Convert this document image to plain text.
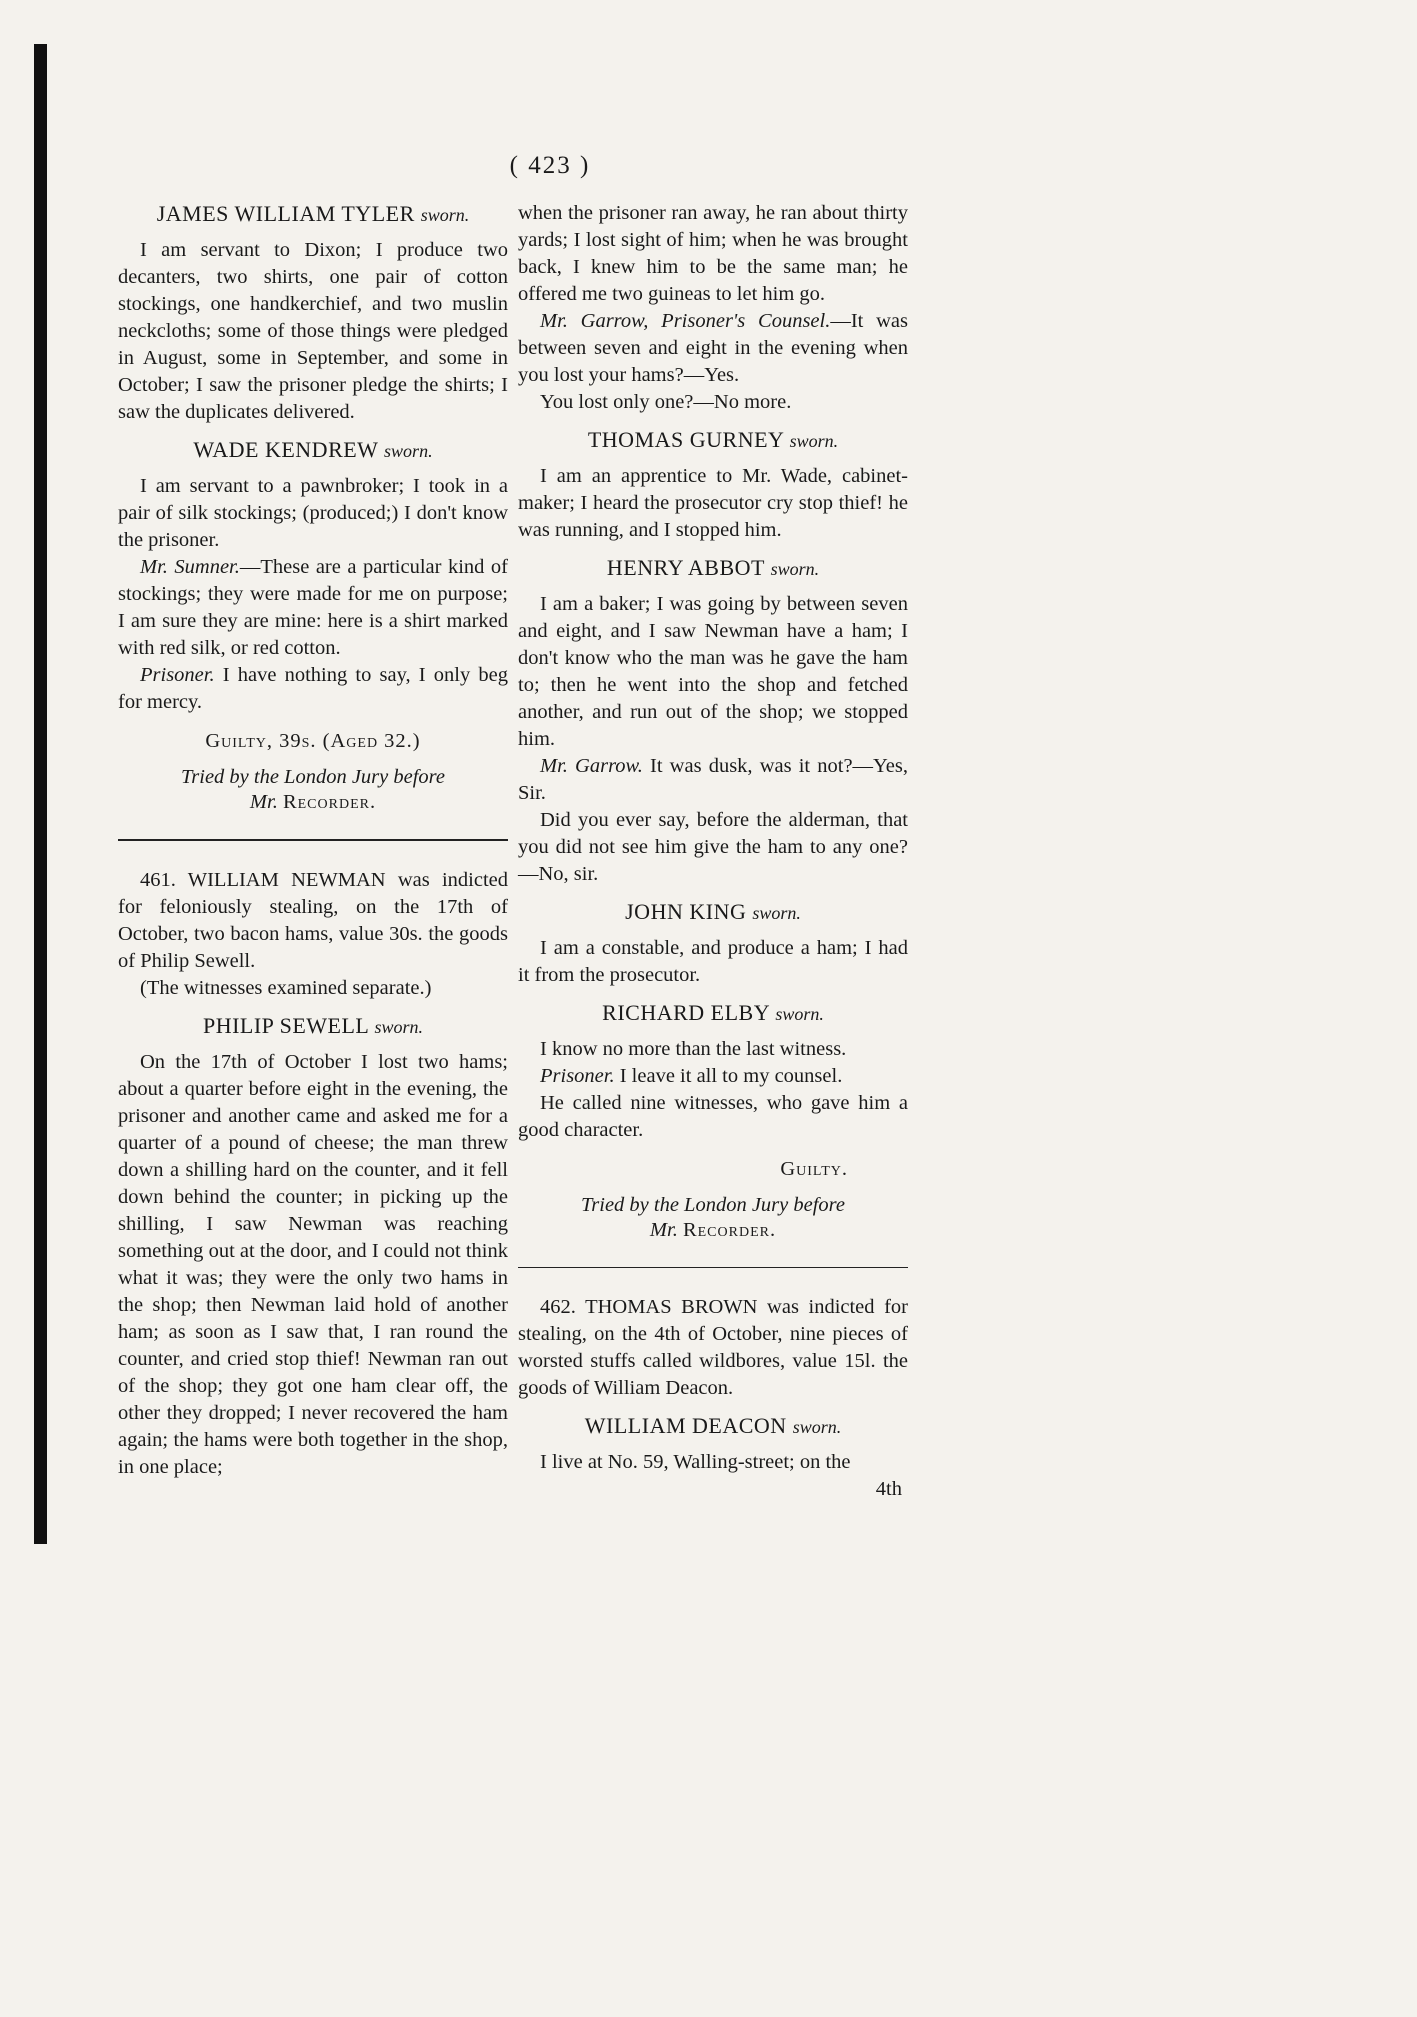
( 423 )
JAMES WILLIAM TYLER sworn.

I am servant to Dixon; I produce two decanters, two shirts, one pair of cotton stockings, one handkerchief, and two muslin neckcloths; some of those things were pledged in August, some in September, and some in October; I saw the prisoner pledge the shirts; I saw the duplicates delivered.

WADE KENDREW sworn.

I am servant to a pawnbroker; I took in a pair of silk stockings; (produced;) I don't know the prisoner.

Mr. Sumner.—These are a particular kind of stockings; they were made for me on purpose; I am sure they are mine: here is a shirt marked with red silk, or red cotton.

Prisoner. I have nothing to say, I only beg for mercy.

Guilty, 39s. (Aged 32.)
Tried by the London Jury before
Mr. Recorder.

461. WILLIAM NEWMAN was indicted for feloniously stealing, on the 17th of October, two bacon hams, value 30s. the goods of Philip Sewell.

(The witnesses examined separate.)

PHILIP SEWELL sworn.

On the 17th of October I lost two hams; about a quarter before eight in the evening, the prisoner and another came and asked me for a quarter of a pound of cheese; the man threw down a shilling hard on the counter, and it fell down behind the counter; in picking up the shilling, I saw Newman was reaching something out at the door, and I could not think what it was; they were the only two hams in the shop; then Newman laid hold of another ham; as soon as I saw that, I ran round the counter, and cried stop thief! Newman ran out of the shop; they got one ham clear off, the other they dropped; I never recovered the ham again; the hams were both together in the shop, in one place;

when the prisoner ran away, he ran about thirty yards; I lost sight of him; when he was brought back, I knew him to be the same man; he offered me two guineas to let him go.

Mr. Garrow, Prisoner's Counsel.—It was between seven and eight in the evening when you lost your hams?—Yes.

You lost only one?—No more.

THOMAS GURNEY sworn.

I am an apprentice to Mr. Wade, cabinet-maker; I heard the prosecutor cry stop thief! he was running, and I stopped him.

HENRY ABBOT sworn.

I am a baker; I was going by between seven and eight, and I saw Newman have a ham; I don't know who the man was he gave the ham to; then he went into the shop and fetched another, and run out of the shop; we stopped him.

Mr. Garrow. It was dusk, was it not?—Yes, Sir.

Did you ever say, before the alderman, that you did not see him give the ham to any one?—No, sir.

JOHN KING sworn.

I am a constable, and produce a ham; I had it from the prosecutor.

RICHARD ELBY sworn.

I know no more than the last witness.

Prisoner. I leave it all to my counsel.

He called nine witnesses, who gave him a good character.

Guilty.
Tried by the London Jury before
Mr. Recorder.

462. THOMAS BROWN was indicted for stealing, on the 4th of October, nine pieces of worsted stuffs called wildbores, value 15l. the goods of William Deacon.

WILLIAM DEACON sworn.

I live at No. 59, Walling-street; on the

4th
